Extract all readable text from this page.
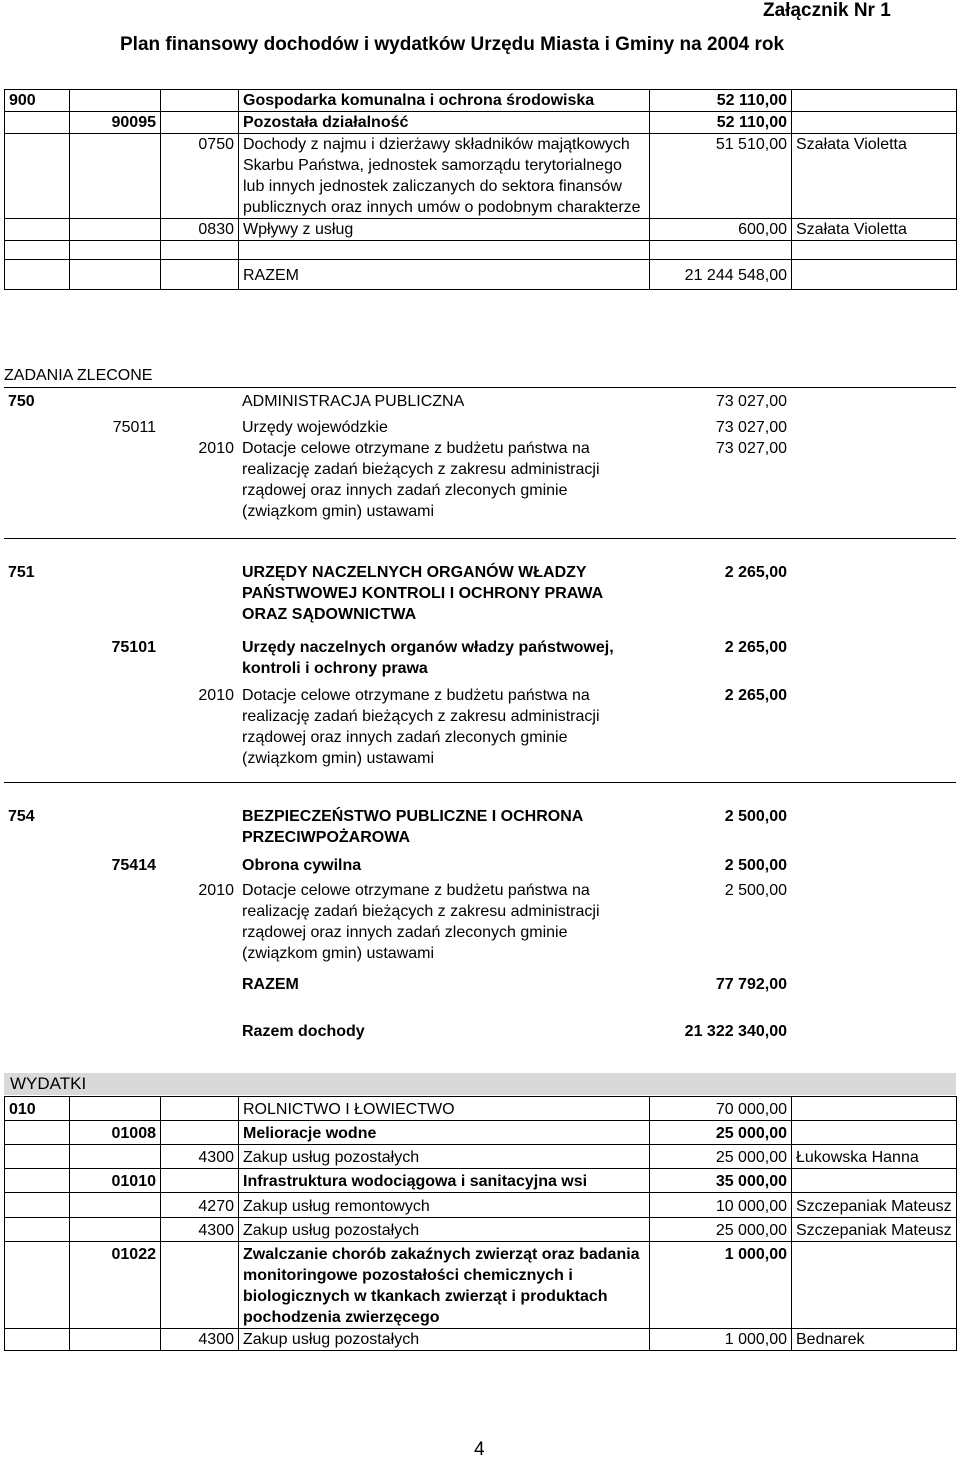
Załącznik Nr 1
Plan finansowy dochodów i wydatków Urzędu Miasta i Gminy na 2004 rok
900			Gospodarka komunalna i ochrona środowiska	52 110,00	
	90095		Pozostała działalność	52 110,00	
		0750	Dochody z najmu i dzierżawy składników majątkowych Skarbu Państwa, jednostek samorządu terytorialnego lub innych jednostek zaliczanych do sektora finansów publicznych oraz innych umów o podobnym charakterze	51 510,00	Szałata Violetta
		0830	Wpływy z usług	600,00	Szałata Violetta

			RAZEM	21 244 548,00	
ZADANIA ZLECONE
750			ADMINISTRACJA PUBLICZNA	73 027,00	
	75011		Urzędy wojewódzkie	73 027,00	
		2010	Dotacje celowe otrzymane z budżetu państwa na realizację zadań bieżących z zakresu administracji rządowej oraz innych zadań zleconych gminie (związkom gmin) ustawami	73 027,00	
751			URZĘDY NACZELNYCH ORGANÓW WŁADZY PAŃSTWOWEJ KONTROLI I OCHRONY PRAWA ORAZ SĄDOWNICTWA	2 265,00	
	75101		Urzędy naczelnych organów władzy państwowej, kontroli i ochrony prawa	2 265,00	
		2010	Dotacje celowe otrzymane z budżetu państwa na realizację zadań bieżących z zakresu administracji rządowej oraz innych zadań zleconych gminie (związkom gmin) ustawami	2 265,00	
754			BEZPIECZEŃSTWO PUBLICZNE I OCHRONA PRZECIWPOŻAROWA	2 500,00	
	75414		Obrona cywilna	2 500,00	
		2010	Dotacje celowe otrzymane z budżetu państwa na realizację zadań bieżących z zakresu administracji rządowej oraz innych zadań zleconych gminie (związkom gmin) ustawami	2 500,00	
			RAZEM	77 792,00	
			Razem dochody	21 322 340,00	
WYDATKI
010			ROLNICTWO I ŁOWIECTWO	70 000,00	
	01008		Melioracje wodne	25 000,00	
		4300	Zakup usług pozostałych	25 000,00	Łukowska Hanna
	01010		Infrastruktura wodociągowa i sanitacyjna wsi	35 000,00	
		4270	Zakup usług remontowych	10 000,00	Szczepaniak Mateusz
		4300	Zakup usług pozostałych	25 000,00	Szczepaniak Mateusz
	01022		Zwalczanie chorób zakaźnych zwierząt oraz badania monitoringowe pozostałości chemicznych i biologicznych w tkankach zwierząt i produktach pochodzenia zwierzęcego	1 000,00	
		4300	Zakup usług pozostałych	1 000,00	Bednarek
4
